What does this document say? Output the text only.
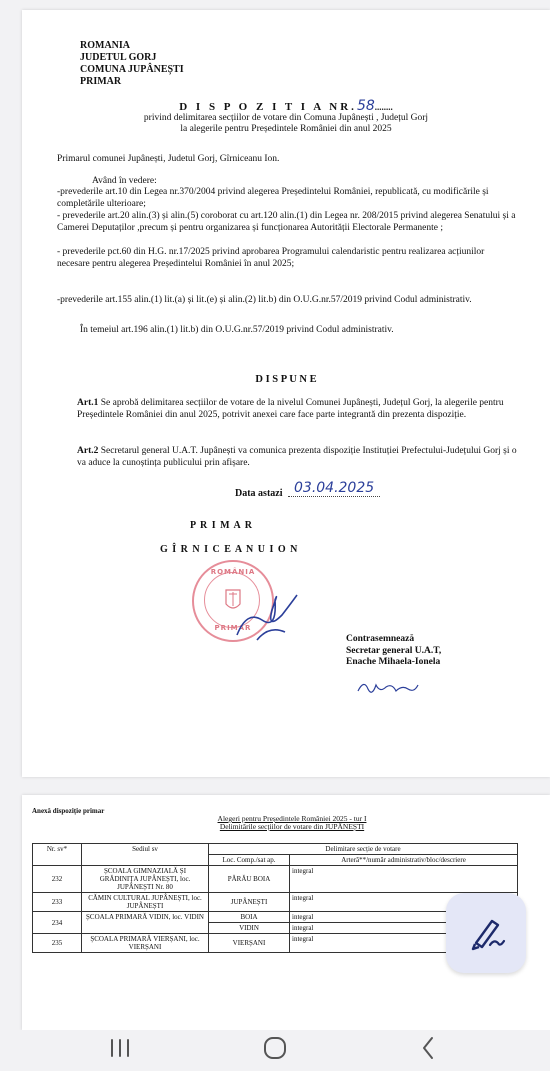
ROMANIA
JUDETUL GORJ
COMUNA JUPÂNEȘTI
PRIMAR
D I S P O Z I T I A NR.58........
privind delimitarea secțiilor de votare din Comuna Jupânești , Județul Gorj
la alegerile pentru Președintele României din anul 2025
Primarul comunei Jupânești, Judetul Gorj, Gîrniceanu Ion.
Având în vedere:
-prevederile art.10 din Legea nr.370/2004 privind alegerea Președintelui României, republicată, cu modificările și completările ulterioare;
- prevederile art.20 alin.(3) și alin.(5) coroborat cu art.120 alin.(1) din Legea nr. 208/2015 privind alegerea Senatului și a Camerei Deputaților ,precum și pentru organizarea și funcționarea Autorității Electorale Permanente ;
- prevederile pct.60 din H.G. nr.17/2025 privind aprobarea Programului calendaristic pentru realizarea acțiunilor necesare pentru alegerea Președintelui României în anul 2025;
-prevederile art.155 alin.(1) lit.(a) și lit.(e) și alin.(2) lit.b) din O.U.G.nr.57/2019 privind Codul administrativ.
În temeiul art.196 alin.(1) lit.b) din O.U.G.nr.57/2019 privind Codul administrativ.
D I S P U N E
Art.1 Se aprobă delimitarea secțiilor de votare de la nivelul Comunei Jupânești, Județul Gorj, la alegerile pentru Președintele României din anul 2025, potrivit anexei care face parte integrantă din prezenta dispoziție.
Art.2 Secretarul general U.A.T. Jupânești va comunica prezenta dispoziție Instituției Prefectului-Județului Gorj și o va aduce la cunoștința publicului prin afișare.
Data astazi 03.04.2025
P R I M A R
G Î R N I C E A N U I O N
ROMÂNIA
PRIMAR
Contrasemnează
Secretar general U.A.T,
Enache Mihaela-Ionela
Anexă dispoziție primar
Alegeri pentru Președintele României 2025 - tur I
Delimitările secțiilor de votare din JUPÂNEȘTI
Nr. sv*	Sediul sv	Delimitare secție de votare	
		Loc. Comp./sat ap.	Arteră**/număr administrativ/bloc/descriere
232	ȘCOALA GIMNAZIALĂ ȘI GRĂDINIȚA JUPÂNEȘTI, loc. JUPÂNEȘTI Nr. 80	PĂRĂU BOIA	integral
233	CĂMIN CULTURAL JUPÂNEȘTI, loc. JUPÂNEȘTI	JUPÂNEȘTI	integral
234	ȘCOALA PRIMARĂ VIDIN, loc. VIDIN	BOIA	integral
		VIDIN	integral
235	ȘCOALA PRIMARĂ VIERȘANI, loc. VIERȘANI	VIERȘANI	integral
